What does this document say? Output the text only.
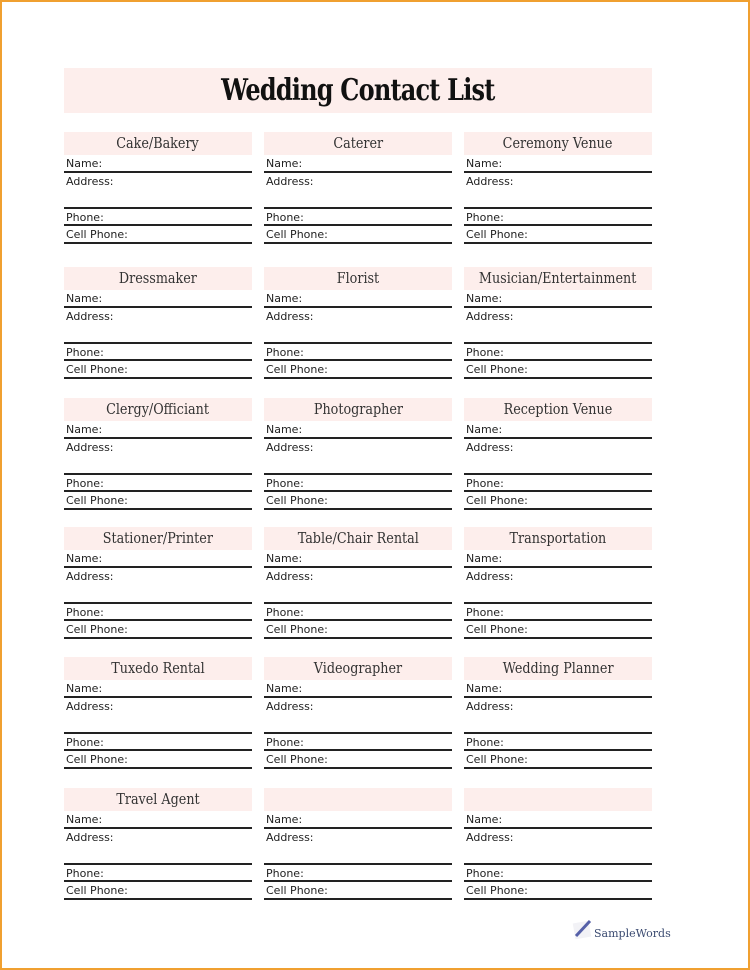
Wedding Contact List
Cake/Bakery
Name:
Address:
Phone:
Cell Phone:
Caterer
Name:
Address:
Phone:
Cell Phone:
Ceremony Venue
Name:
Address:
Phone:
Cell Phone:
Dressmaker
Name:
Address:
Phone:
Cell Phone:
Florist
Name:
Address:
Phone:
Cell Phone:
Musician/Entertainment
Name:
Address:
Phone:
Cell Phone:
Clergy/Officiant
Name:
Address:
Phone:
Cell Phone:
Photographer
Name:
Address:
Phone:
Cell Phone:
Reception Venue
Name:
Address:
Phone:
Cell Phone:
Stationer/Printer
Name:
Address:
Phone:
Cell Phone:
Table/Chair Rental
Name:
Address:
Phone:
Cell Phone:
Transportation
Name:
Address:
Phone:
Cell Phone:
Tuxedo Rental
Name:
Address:
Phone:
Cell Phone:
Videographer
Name:
Address:
Phone:
Cell Phone:
Wedding Planner
Name:
Address:
Phone:
Cell Phone:
Travel Agent
Name:
Address:
Phone:
Cell Phone:
Name:
Address:
Phone:
Cell Phone:
Name:
Address:
Phone:
Cell Phone:
SampleWords
